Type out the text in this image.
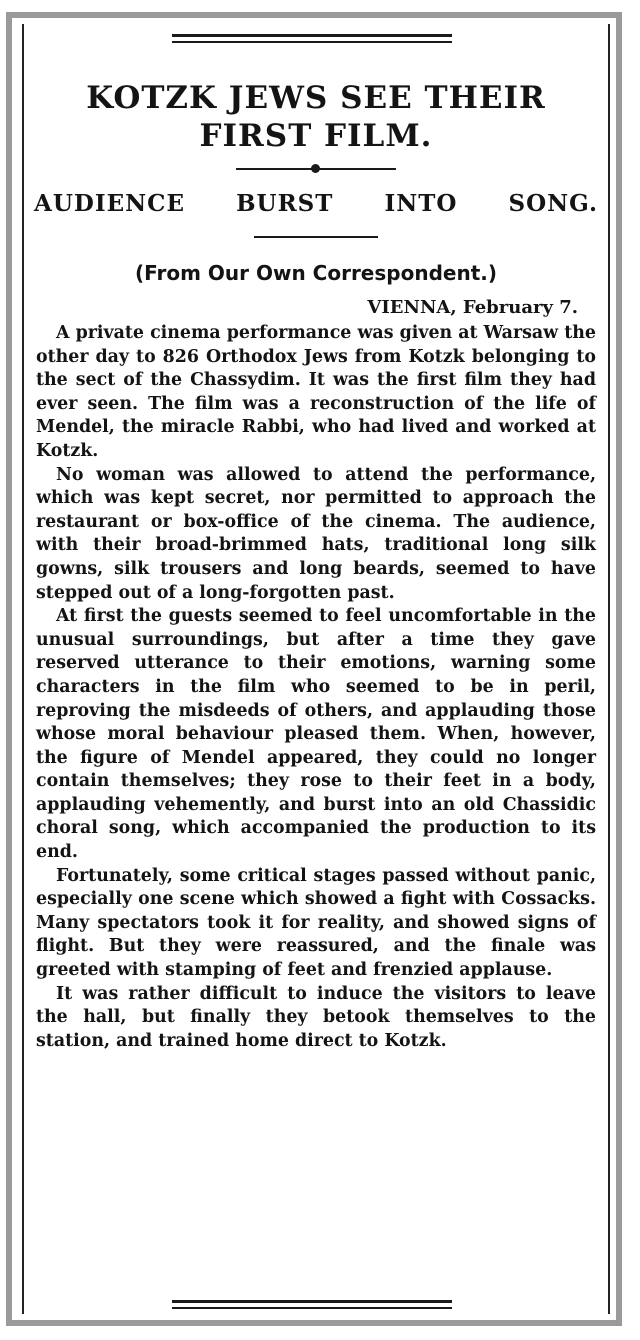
KOTZK JEWS SEE THEIR
FIRST FILM.
AUDIENCE BURST INTO SONG.
(From Our Own Correspondent.)
VIENNA, February 7.

A private cinema performance was given at Warsaw the other day to 826 Orthodox Jews from Kotzk belonging to the sect of the Chassydim. It was the first film they had ever seen. The film was a reconstruction of the life of Mendel, the miracle Rabbi, who had lived and worked at Kotzk.

No woman was allowed to attend the performance, which was kept secret, nor permitted to approach the restaurant or box-office of the cinema. The audience, with their broad-brimmed hats, traditional long silk gowns, silk trousers and long beards, seemed to have stepped out of a long-forgotten past.

At first the guests seemed to feel uncomfortable in the unusual surroundings, but after a time they gave reserved utterance to their emotions, warning some characters in the film who seemed to be in peril, reproving the misdeeds of others, and applauding those whose moral behaviour pleased them. When, however, the figure of Mendel appeared, they could no longer contain themselves; they rose to their feet in a body, applauding vehemently, and burst into an old Chassidic choral song, which accompanied the production to its end.

Fortunately, some critical stages passed without panic, especially one scene which showed a fight with Cossacks. Many spectators took it for reality, and showed signs of flight. But they were reassured, and the finale was greeted with stamping of feet and frenzied applause.

It was rather difficult to induce the visitors to leave the hall, but finally they betook themselves to the station, and trained home direct to Kotzk.
